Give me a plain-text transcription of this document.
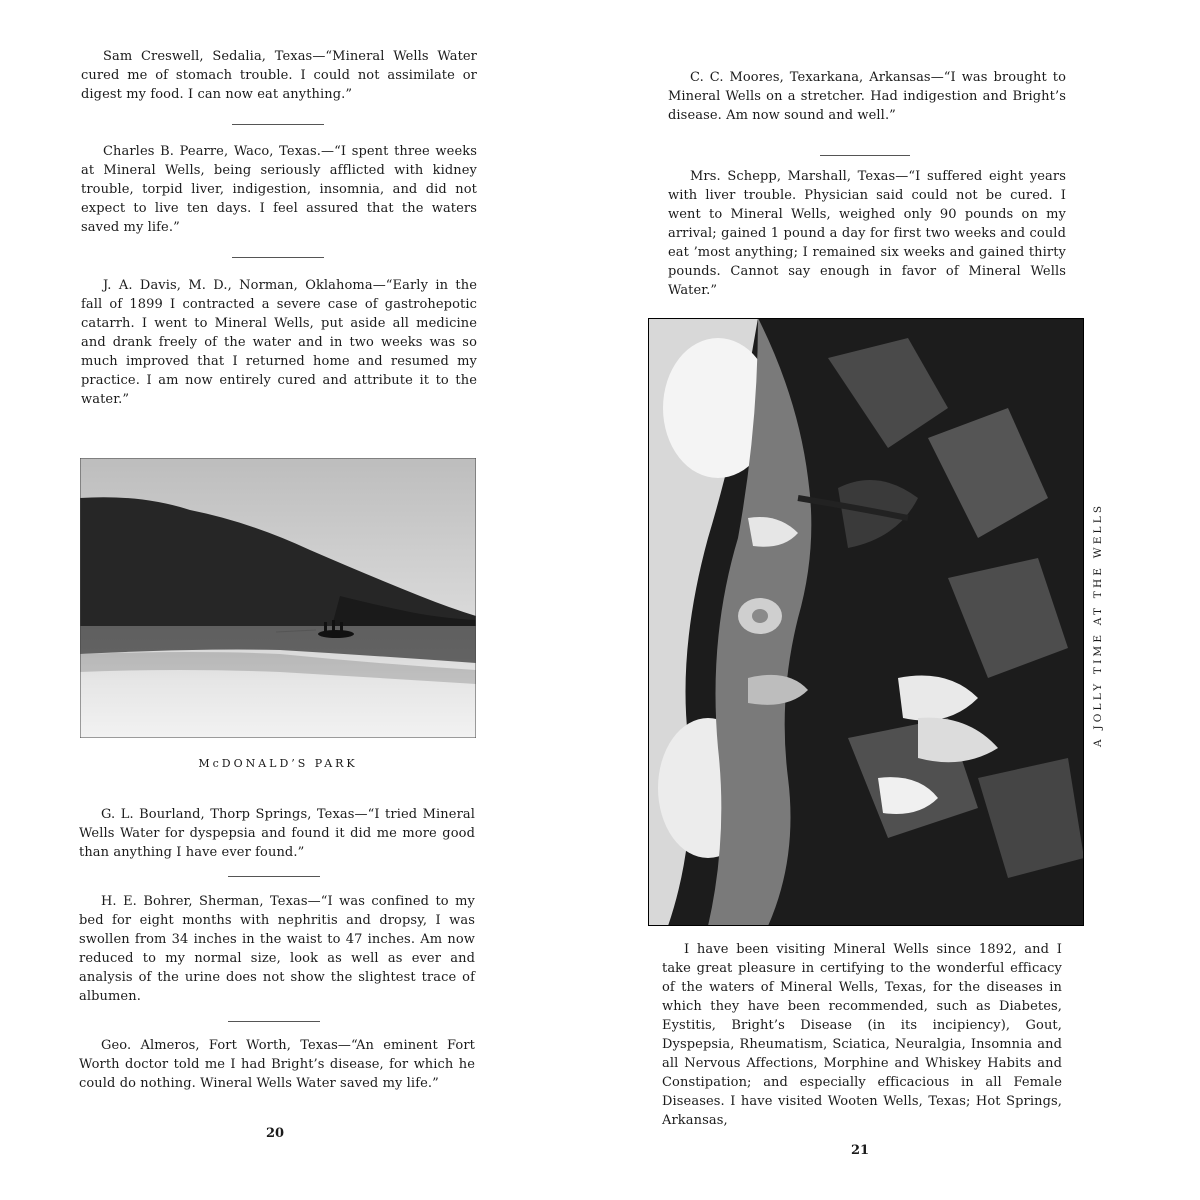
Sam Creswell, Sedalia, Texas—“Mineral Wells Water cured me of stomach trouble. I could not assimilate or digest my food. I can now eat anything.”

Charles B. Pearre, Waco, Texas.—“I spent three weeks at Mineral Wells, being seriously afflicted with kidney trouble, torpid liver, indigestion, insomnia, and did not expect to live ten days. I feel assured that the waters saved my life.”

J. A. Davis, M. D., Norman, Oklahoma—“Early in the fall of 1899 I contracted a severe case of gastrohepotic catarrh. I went to Mineral Wells, put aside all medicine and drank freely of the water and in two weeks was so much improved that I returned home and resumed my practice. I am now entirely cured and attribute it to the water.”

McDONALD’S PARK

G. L. Bourland, Thorp Springs, Texas—“I tried Mineral Wells Water for dyspepsia and found it did me more good than anything I have ever found.”

H. E. Bohrer, Sherman, Texas—“I was confined to my bed for eight months with nephritis and dropsy, I was swollen from 34 inches in the waist to 47 inches. Am now reduced to my normal size, look as well as ever and analysis of the urine does not show the slightest trace of albumen.

Geo. Almeros, Fort Worth, Texas—“An eminent Fort Worth doctor told me I had Bright’s disease, for which he could do nothing. Wineral Wells Water saved my life.”

20

C. C. Moores, Texarkana, Arkansas—“I was brought to Mineral Wells on a stretcher. Had indigestion and Bright’s disease. Am now sound and well.”

Mrs. Schepp, Marshall, Texas—“I suffered eight years with liver trouble. Physician said could not be cured. I went to Mineral Wells, weighed only 90 pounds on my arrival; gained 1 pound a day for first two weeks and could eat ’most anything; I remained six weeks and gained thirty pounds. Cannot say enough in favor of Mineral Wells Water.”

I have been visiting Mineral Wells since 1892, and I take great pleasure in certifying to the wonderful efficacy of the waters of Mineral Wells, Texas, for the diseases in which they have been recommended, such as Diabetes, Eystitis, Bright’s Disease (in its incipiency), Gout, Dyspepsia, Rheumatism, Sciatica, Neuralgia, Insomnia and all Nervous Affections, Morphine and Whiskey Habits and Constipation; and especially efficacious in all Female Diseases. I have visited Wooten Wells, Texas; Hot Springs, Arkansas,

21

A JOLLY TIME AT THE WELLS
